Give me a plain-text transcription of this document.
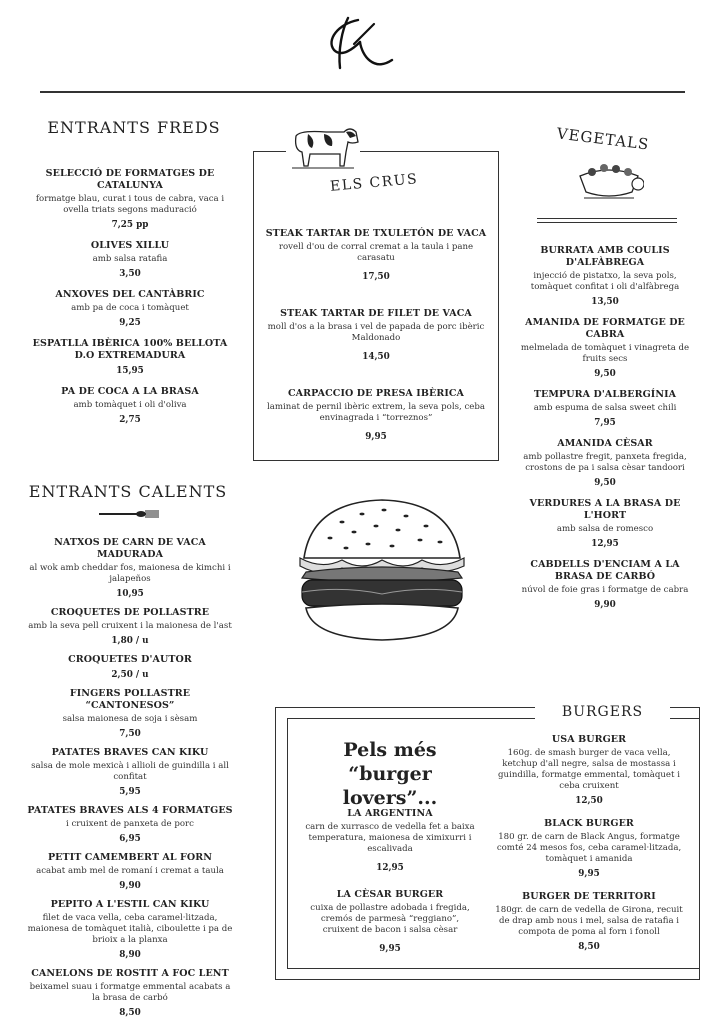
ENTRANTS FREDS
SELECCIÓ DE FORMATGES DE CATALUNYA
formatge blau, curat i tous de cabra, vaca i ovella triats segons maduració
7,25 pp
OLIVES XILLU
amb salsa ratafia
3,50
ANXOVES DEL CANTÀBRIC
amb pa de coca i tomàquet
9,25
ESPATLLA IBÈRICA 100% BELLOTA D.O EXTREMADURA
15,95
PA DE COCA A LA BRASA
amb tomàquet i oli d'oliva
2,75
ENTRANTS CALENTS
NATXOS DE CARN DE VACA MADURADA
al wok amb cheddar fos, maionesa de kimchi i jalapeños
10,95
CROQUETES DE POLLASTRE
amb la seva pell cruixent i la maionesa de l'ast
1,80 / u
CROQUETES D'AUTOR
2,50 / u
FINGERS POLLASTRE “CANTONESOS”
salsa maionesa de soja i sèsam
7,50
PATATES BRAVES CAN KIKU
salsa de mole mexicà i allioli de guindilla i all confitat
5,95
PATATES BRAVES ALS 4 FORMATGES
i cruixent de panxeta de porc
6,95
PETIT CAMEMBERT AL FORN
acabat amb mel de romaní i cremat a taula
9,90
PEPITO A L'ESTIL CAN KIKU
filet de vaca vella, ceba caramel·litzada, maionesa de tomàquet italià, ciboulette i pa de brioix a la planxa
8,90
CANELONS DE ROSTIT A FOC LENT
beixamel suau i formatge emmental acabats a la brasa de carbó
8,50
ELS CRUS
STEAK TARTAR DE TXULETÓN DE VACA
rovell d'ou de corral cremat a la taula i pane carasatu
17,50
STEAK TARTAR DE FILET DE VACA
moll d'os a la brasa i vel de papada de porc ibèric Maldonado
14,50
CARPACCIO DE PRESA IBÈRICA
laminat de pernil ibèric extrem, la seva pols, ceba envinagrada i “torreznos”
9,95
VEGETALS
BURRATA AMB COULIS D'ALFÀBREGA
injecció de pistatxo, la seva pols, tomàquet confitat i oli d'alfàbrega
13,50
AMANIDA DE FORMATGE DE CABRA
melmelada de tomàquet i vinagreta de fruits secs
9,50
TEMPURA D'ALBERGÍNIA
amb espuma de salsa sweet chili
7,95
AMANIDA CÈSAR
amb pollastre fregit, panxeta fregida, crostons de pa i salsa cèsar tandoori
9,50
VERDURES A LA BRASA DE L'HORT
amb salsa de romesco
12,95
CABDELLS D'ENCIAM A LA BRASA DE CARBÓ
núvol de foie gras i formatge de cabra
9,90
BURGERS
Pels més “burger lovers”...
LA ARGENTINA
carn de xurrasco de vedella fet a baixa temperatura, maionesa de ximixurri i escalivada
12,95
LA CÈSAR BURGER
cuixa de pollastre adobada i fregida, cremós de parmesà “reggiano”, cruixent de bacon i salsa cèsar
9,95
USA BURGER
160g. de smash burger de vaca vella, ketchup d'all negre, salsa de mostassa i guindilla, formatge emmental, tomàquet i ceba cruixent
12,50
BLACK BURGER
180 gr. de carn de Black Angus, formatge comté 24 mesos fos, ceba caramel·litzada, tomàquet i amanida
9,95
BURGER DE TERRITORI
180gr. de carn de vedella de Girona, recuit de drap amb nous i mel, salsa de ratafia i compota de poma al forn i fonoll
8,50
